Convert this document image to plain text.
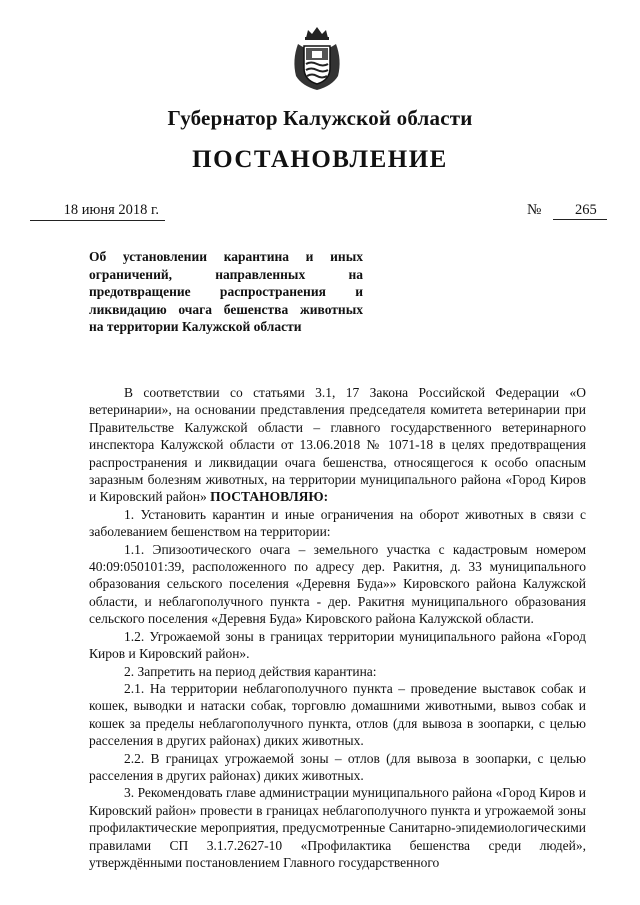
Губернатор Калужской области
ПОСТАНОВЛЕНИЕ
18 июня 2018 г.	№ 265
Об установлении карантина и иных
ограничений, направленных на
предотвращение распространения и
ликвидацию очага бешенства животных
на территории Калужской области

В соответствии со статьями 3.1, 17 Закона Российской Федерации «О ветеринарии», на основании представления председателя комитета ветеринарии при Правительстве Калужской области – главного государственного ветеринарного инспектора Калужской области от 13.06.2018 № 1071-18 в целях предотвращения распространения и ликвидации очага бешенства, относящегося к особо опасным заразным болезням животных, на территории муниципального района «Город Киров и Кировский район» ПОСТАНОВЛЯЮ:

1. Установить карантин и иные ограничения на оборот животных в связи с заболеванием бешенством на территории:

1.1. Эпизоотического очага – земельного участка с кадастровым номером 40:09:050101:39, расположенного по адресу дер. Ракитня, д. 33 муниципального образования сельского поселения «Деревня Буда»» Кировского района Калужской области, и неблагополучного пункта - дер. Ракитня муниципального образования сельского поселения «Деревня Буда» Кировского района Калужской области.

1.2. Угрожаемой зоны в границах территории муниципального района «Город Киров и Кировский район».

2. Запретить на период действия карантина:

2.1. На территории неблагополучного пункта – проведение выставок собак и кошек, выводки и натаски собак, торговлю домашними животными, вывоз собак и кошек за пределы неблагополучного пункта, отлов (для вывоза в зоопарки, с целью расселения в других районах) диких животных.

2.2. В границах угрожаемой зоны – отлов (для вывоза в зоопарки, с целью расселения в других районах) диких животных.

3. Рекомендовать главе администрации муниципального района «Город Киров и Кировский район» провести в границах неблагополучного пункта и угрожаемой зоны профилактические мероприятия, предусмотренные Санитарно-эпидемиологическими правилами СП 3.1.7.2627-10 «Профилактика бешенства среди людей», утверждёнными постановлением Главного государственного
